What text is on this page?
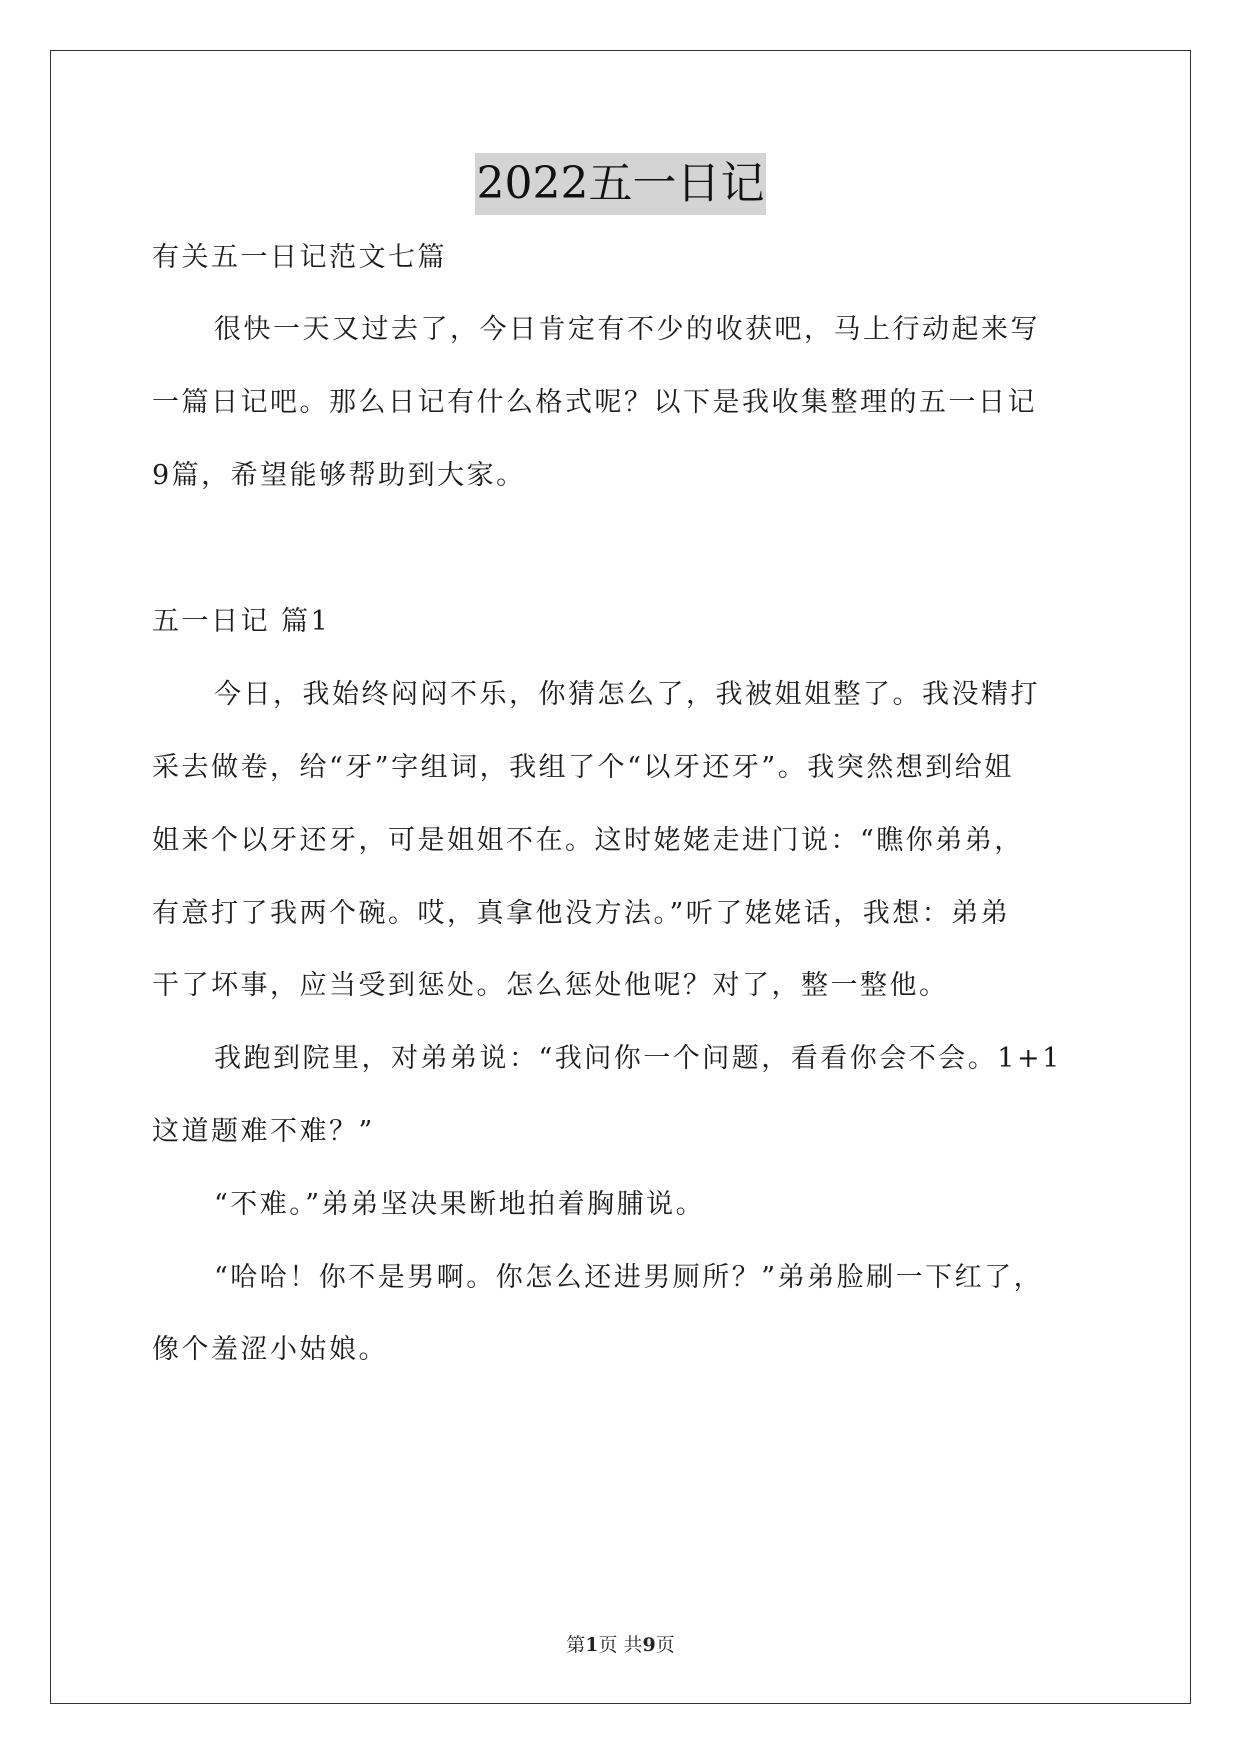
2022五一日记
有关五一日记范文七篇
很快一天又过去了，今日肯定有不少的收获吧，马上行动起来写
一篇日记吧。那么日记有什么格式呢？以下是我收集整理的五一日记
9篇，希望能够帮助到大家。
五一日记 篇1
今日，我始终闷闷不乐，你猜怎么了，我被姐姐整了。我没精打
采去做卷，给“牙”字组词，我组了个“以牙还牙”。我突然想到给姐
姐来个以牙还牙，可是姐姐不在。这时姥姥走进门说：“瞧你弟弟，
有意打了我两个碗。哎，真拿他没方法。”听了姥姥话，我想：弟弟
干了坏事，应当受到惩处。怎么惩处他呢？对了，整一整他。
我跑到院里，对弟弟说：“我问你一个问题，看看你会不会。1+1
这道题难不难？”
“不难。”弟弟坚决果断地拍着胸脯说。
“哈哈！你不是男啊。你怎么还进男厕所？”弟弟脸刷一下红了，
像个羞涩小姑娘。
第1页 共9页
